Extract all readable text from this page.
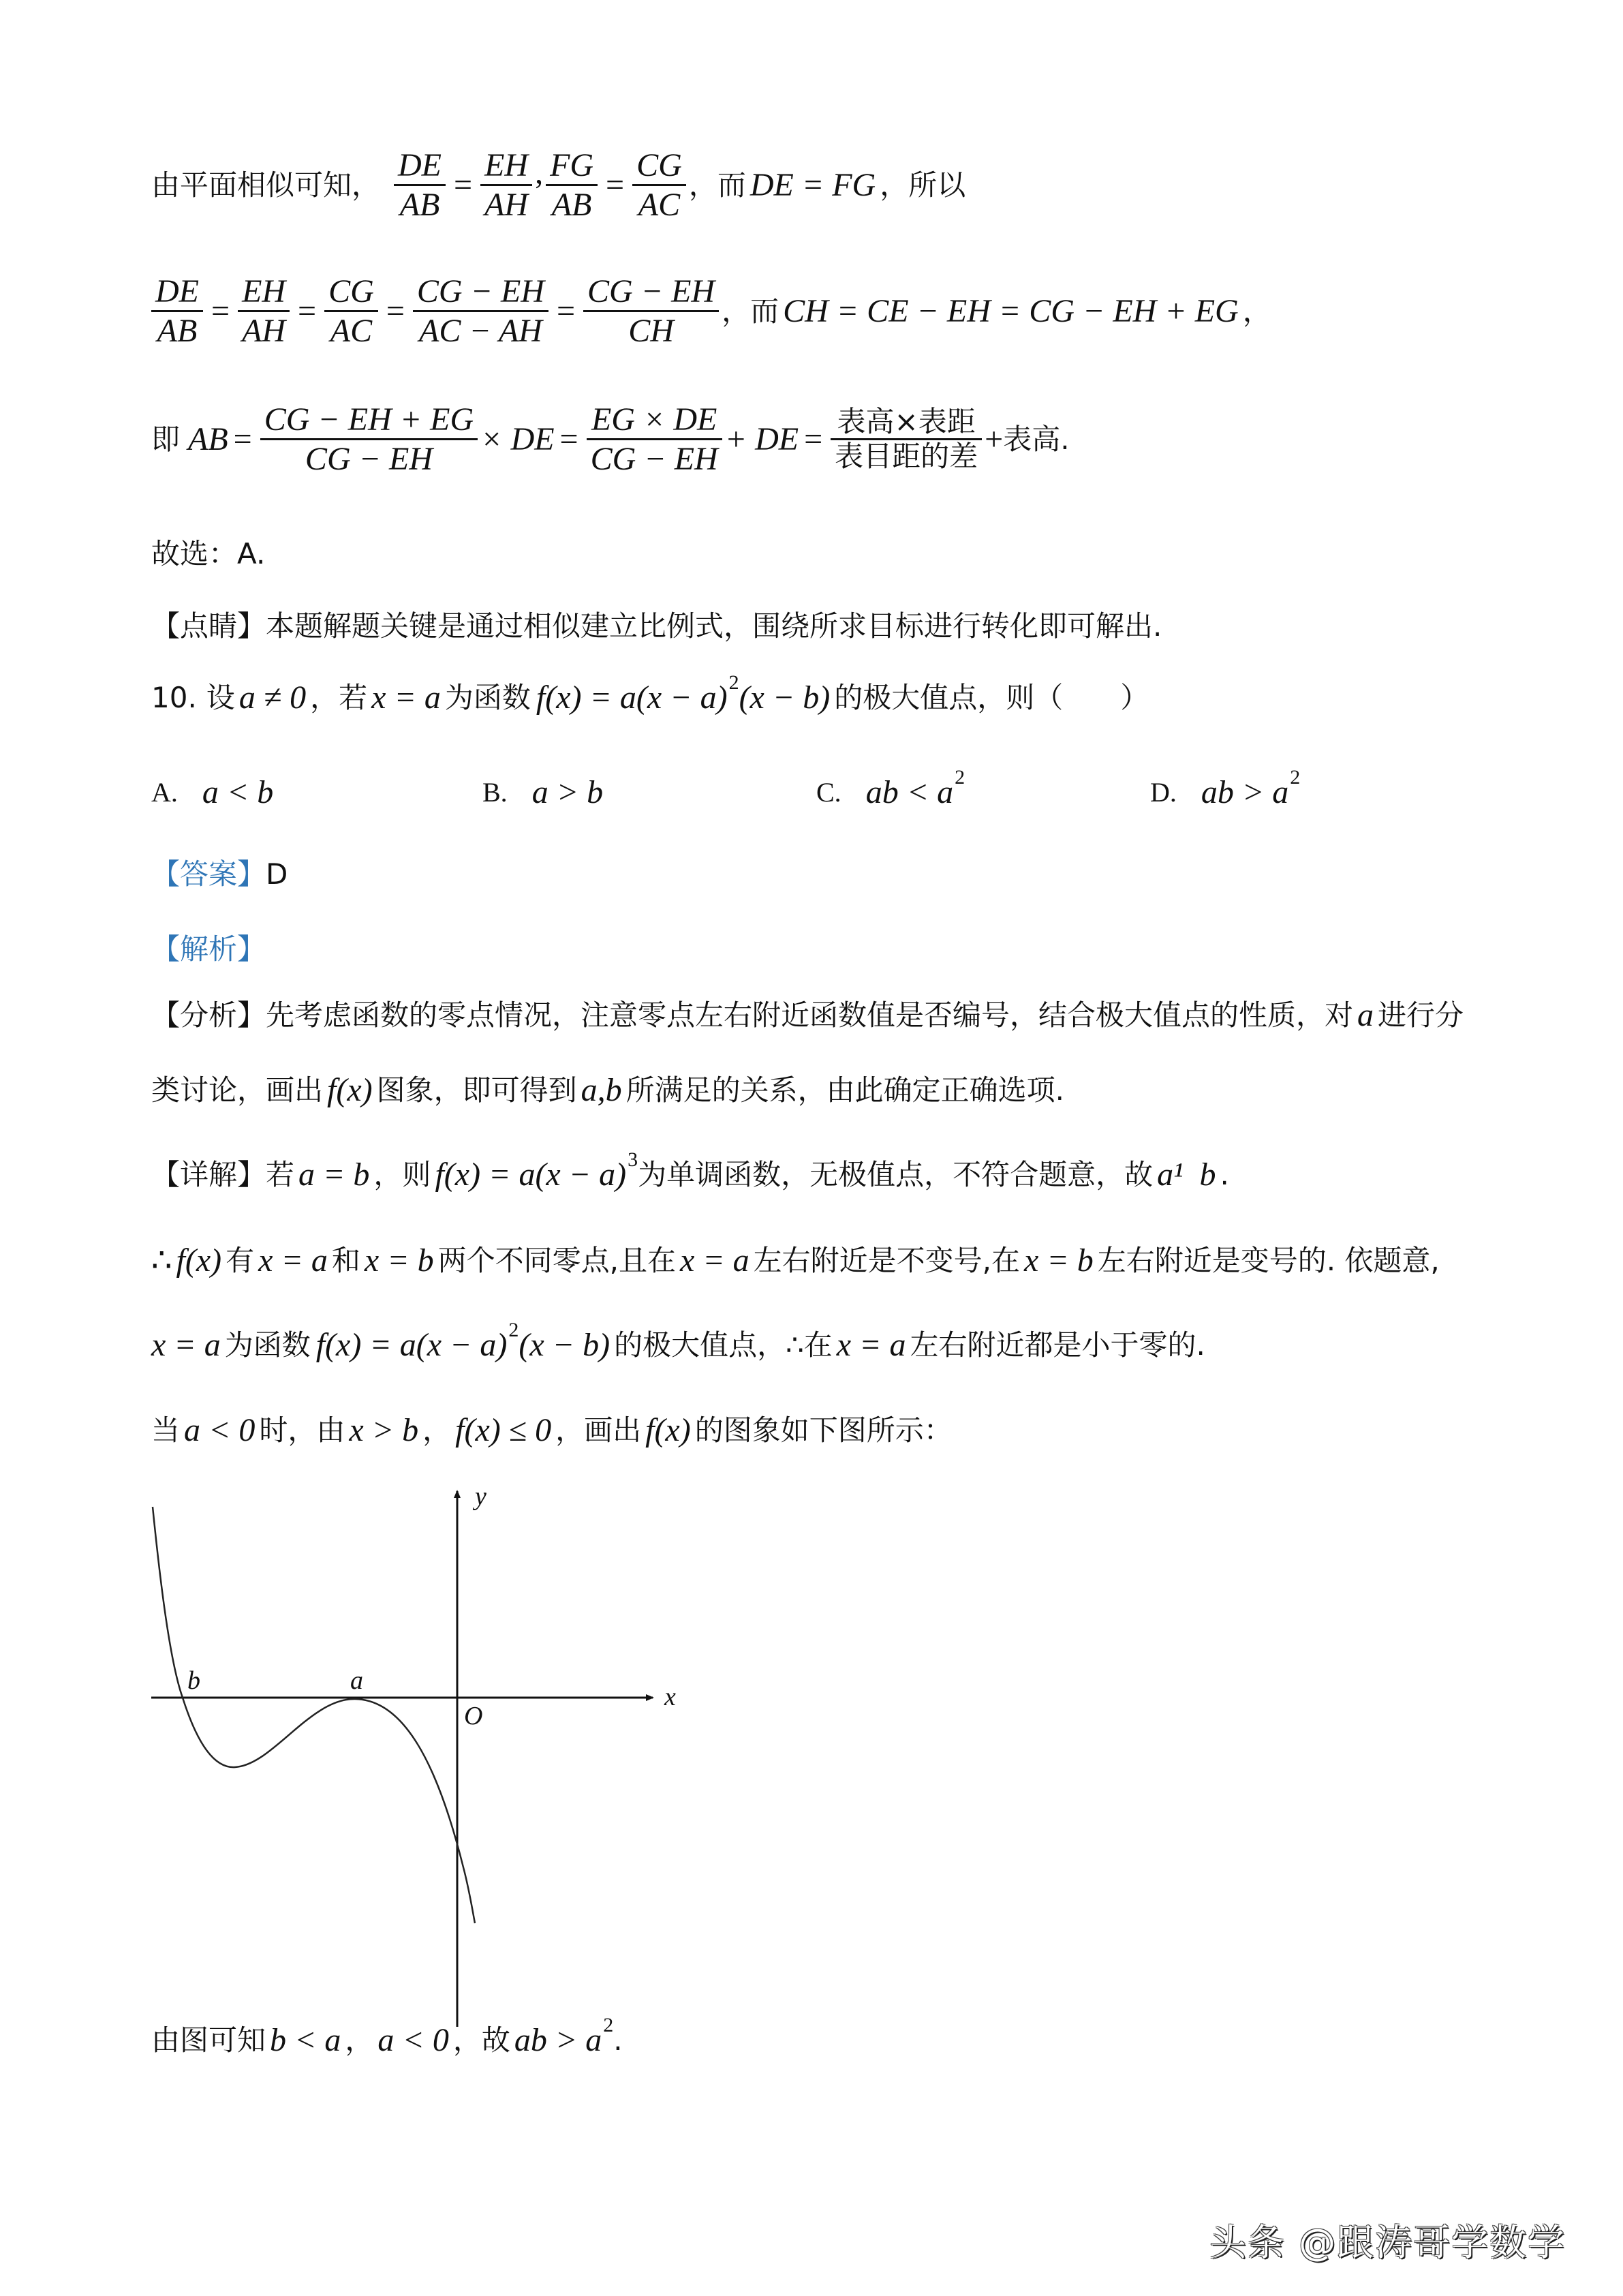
由平面相似可知， $\frac{DE}{AB} = \frac{EH}{AH}$ , $\frac{FG}{AB} = \frac{CG}{AC}$ ，而 DE = FG ，所以
$\frac{DE}{AB} = \frac{EH}{AH} = \frac{CG}{AC} = \frac{CG - EH}{AC - AH} = \frac{CG - EH}{CH}$ ，而 CH = CE − EH = CG − EH + EG ，
即 AB = $\frac{CG - EH + EG}{CG - EH}$ × DE = $\frac{EG \times DE}{CG - EH}$ + DE = $\frac{\text{表高×表距}}{\text{表目距的差}}$ + 表高.
故选：A.
【点睛】 本题解题关键是通过相似建立比例式，围绕所求目标进行转化即可解出.
10. 设 a ≠ 0 ，若 x = a 为函数 f(x) = a(x − a) 2 (x − b) 的极大值点，则（　　）
A. a < b	B. a > b	C. ab < a 2	D. ab > a 2
【答案】 D
【解析】
【分析】 先考虑函数的零点情况，注意零点左右附近函数值是否编号，结合极大值点的性质，对 a 进行分
类讨论，画出 f(x) 图象，即可得到 a,b 所满足的关系，由此确定正确选项.
【详解】 若 a = b ，则 f(x) = a(x − a) 3 为单调函数，无极值点，不符合题意，故 a¹  b .
∴ f(x) 有 x = a 和 x = b 两个不同零点,且在 x = a 左右附近是不变号,在 x = b 左右附近是变号的. 依题意,
x = a 为函数 f(x) = a(x − a) 2 (x − b) 的极大值点，∴在 x = a 左右附近都是小于零的.
当 a < 0 时，由 x > b ， f(x) ≤ 0 ，画出 f(x) 的图象如下图所示：
y
x
O
b	a
由图可知 b < a ， a < 0 ，故 ab > a 2 .
头条 @跟涛哥学数学
